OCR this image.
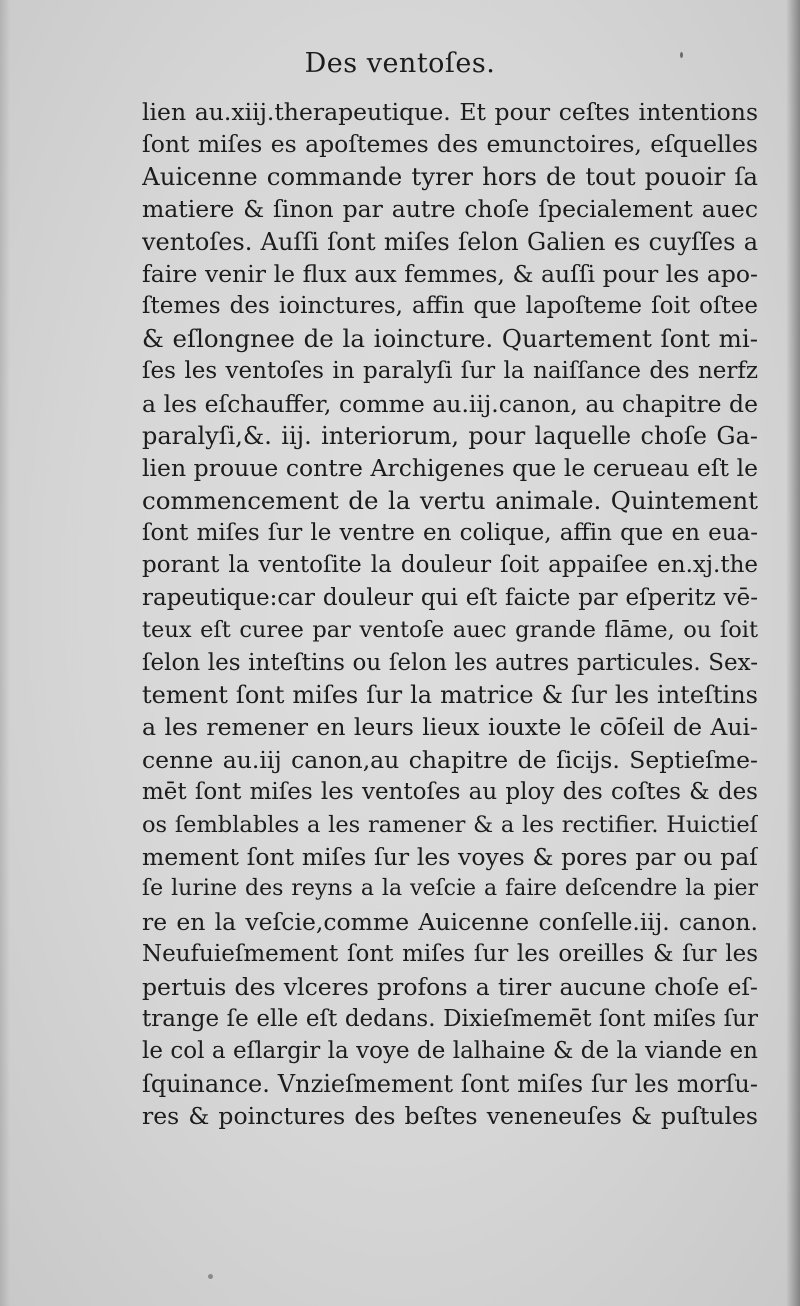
Des ventoſes.
lien au.xiij.therapeutique. Et pour ceſtes intentions
ſont miſes es apoſtemes des emunctoires, eſquelles
Auicenne commande tyrer hors de tout pouoir ſa
matiere & ſinon par autre choſe ſpecialement auec
ventoſes. Auſſi ſont miſes ſelon Galien es cuyſſes a
faire venir le flux aux femmes, & auſſi pour les apo-
ſtemes des ioinctures, affin que lapoſteme ſoit oſtee
& eſlongnee de la ioincture. Quartement ſont mi-
ſes les ventoſes in paralyſi ſur la naiſſance des nerfz
a les eſchauffer, comme au.iij.canon, au chapitre de
paralyſi,&. iij. interiorum, pour laquelle choſe Ga-
lien prouue contre Archigenes que le cerueau eſt le
commencement de la vertu animale. Quintement
ſont miſes ſur le ventre en colique, affin que en eua-
porant la ventoſite la douleur ſoit appaiſee en.xj.the
rapeutique:car douleur qui eſt faicte par eſperitz vē-
teux eſt curee par ventoſe auec grande flāme, ou ſoit
ſelon les inteſtins ou ſelon les autres particules. Sex-
tement ſont miſes ſur la matrice & ſur les inteſtins
a les remener en leurs lieux iouxte le cōſeil de Aui-
cenne au.iij canon,au chapitre de ſicijs. Septieſme-
mēt ſont miſes les ventoſes au ploy des coſtes & des
os ſemblables a les ramener & a les rectifier. Huictieſ
mement ſont miſes ſur les voyes & pores par ou paſ
ſe lurine des reyns a la veſcie a faire deſcendre la pier
re en la veſcie,comme Auicenne conſelle.iij. canon.
Neufuieſmement ſont miſes ſur les oreilles & ſur les
pertuis des vlceres profons a tirer aucune choſe eſ-
trange ſe elle eſt dedans. Dixieſmemēt ſont miſes ſur
le col a eſlargir la voye de lalhaine & de la viande en
ſquinance. Vnzieſmement ſont miſes ſur les morſu-
res & poinctures des beſtes veneneuſes & puſtules
